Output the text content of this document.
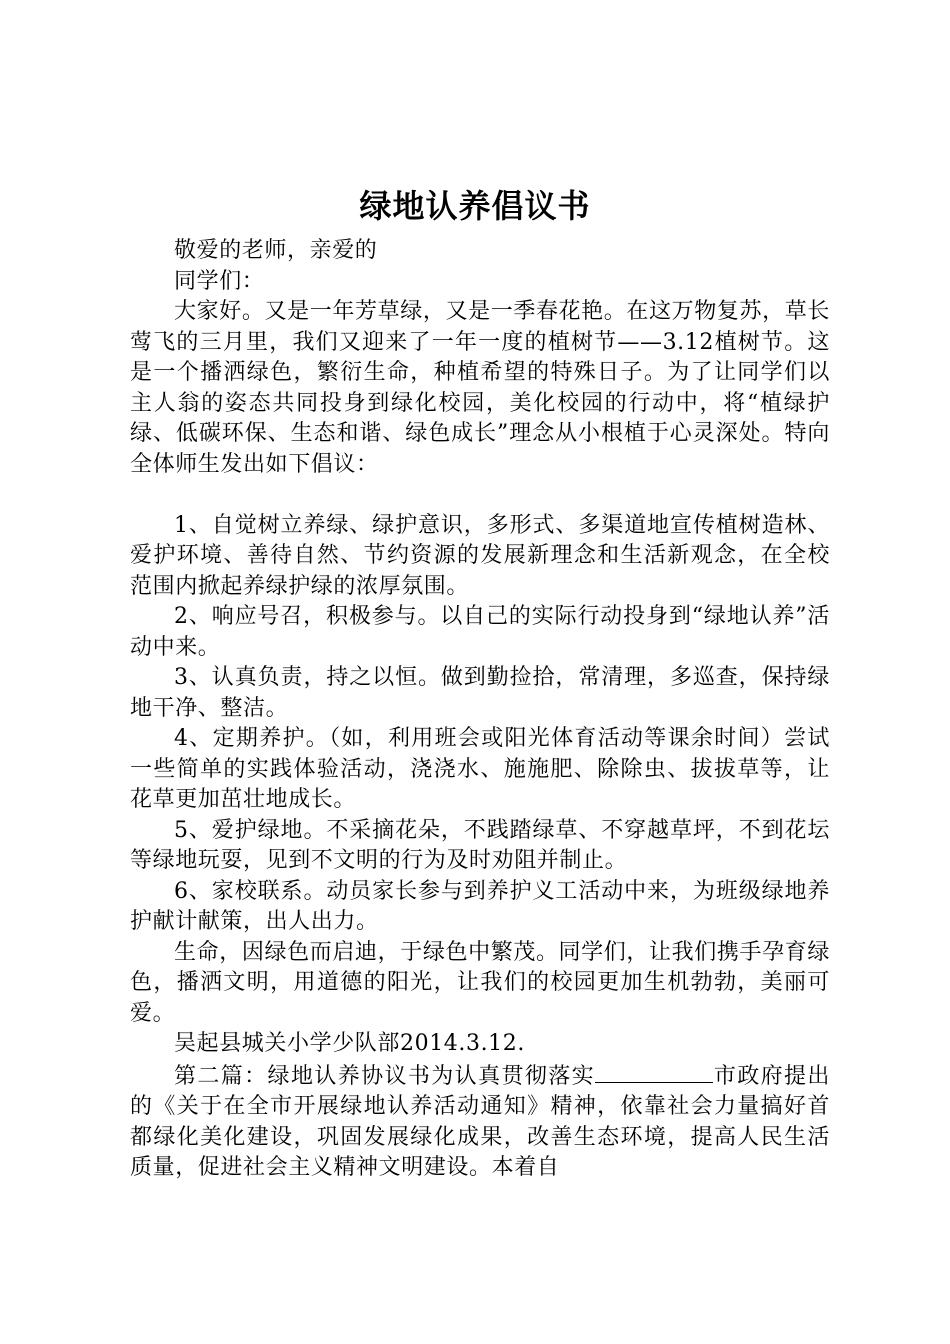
绿地认养倡议书

敬爱的老师，亲爱的

同学们：

大家好。又是一年芳草绿，又是一季春花艳。在这万物复苏，草长莺飞的三月里，我们又迎来了一年一度的植树节——3.12植树节。这是一个播洒绿色，繁衍生命，种植希望的特殊日子。为了让同学们以主人翁的姿态共同投身到绿化校园，美化校园的行动中，将“植绿护绿、低碳环保、生态和谐、绿色成长”理念从小根植于心灵深处。特向全体师生发出如下倡议：

1、自觉树立养绿、绿护意识，多形式、多渠道地宣传植树造林、爱护环境、善待自然、节约资源的发展新理念和生活新观念，在全校范围内掀起养绿护绿的浓厚氛围。

2、响应号召，积极参与。以自己的实际行动投身到“绿地认养”活动中来。

3、认真负责，持之以恒。做到勤捡拾，常清理，多巡查，保持绿地干净、整洁。

4、定期养护。（如，利用班会或阳光体育活动等课余时间）尝试一些简单的实践体验活动，浇浇水、施施肥、除除虫、拔拔草等，让花草更加茁壮地成长。

5、爱护绿地。不采摘花朵，不践踏绿草、不穿越草坪，不到花坛等绿地玩耍，见到不文明的行为及时劝阻并制止。

6、家校联系。动员家长参与到养护义工活动中来，为班级绿地养护献计献策，出人出力。

生命，因绿色而启迪，于绿色中繁茂。同学们，让我们携手孕育绿色，播洒文明，用道德的阳光，让我们的校园更加生机勃勃，美丽可爱。

吴起县城关小学少队部2014.3.12.

第二篇：绿地认养协议书为认真贯彻落实	市政府提出的《关于在全市开展绿地认养活动通知》精神，依靠社会力量搞好首都绿化美化建设，巩固发展绿化成果，改善生态环境，提高人民生活质量，促进社会主义精神文明建设。本着自
